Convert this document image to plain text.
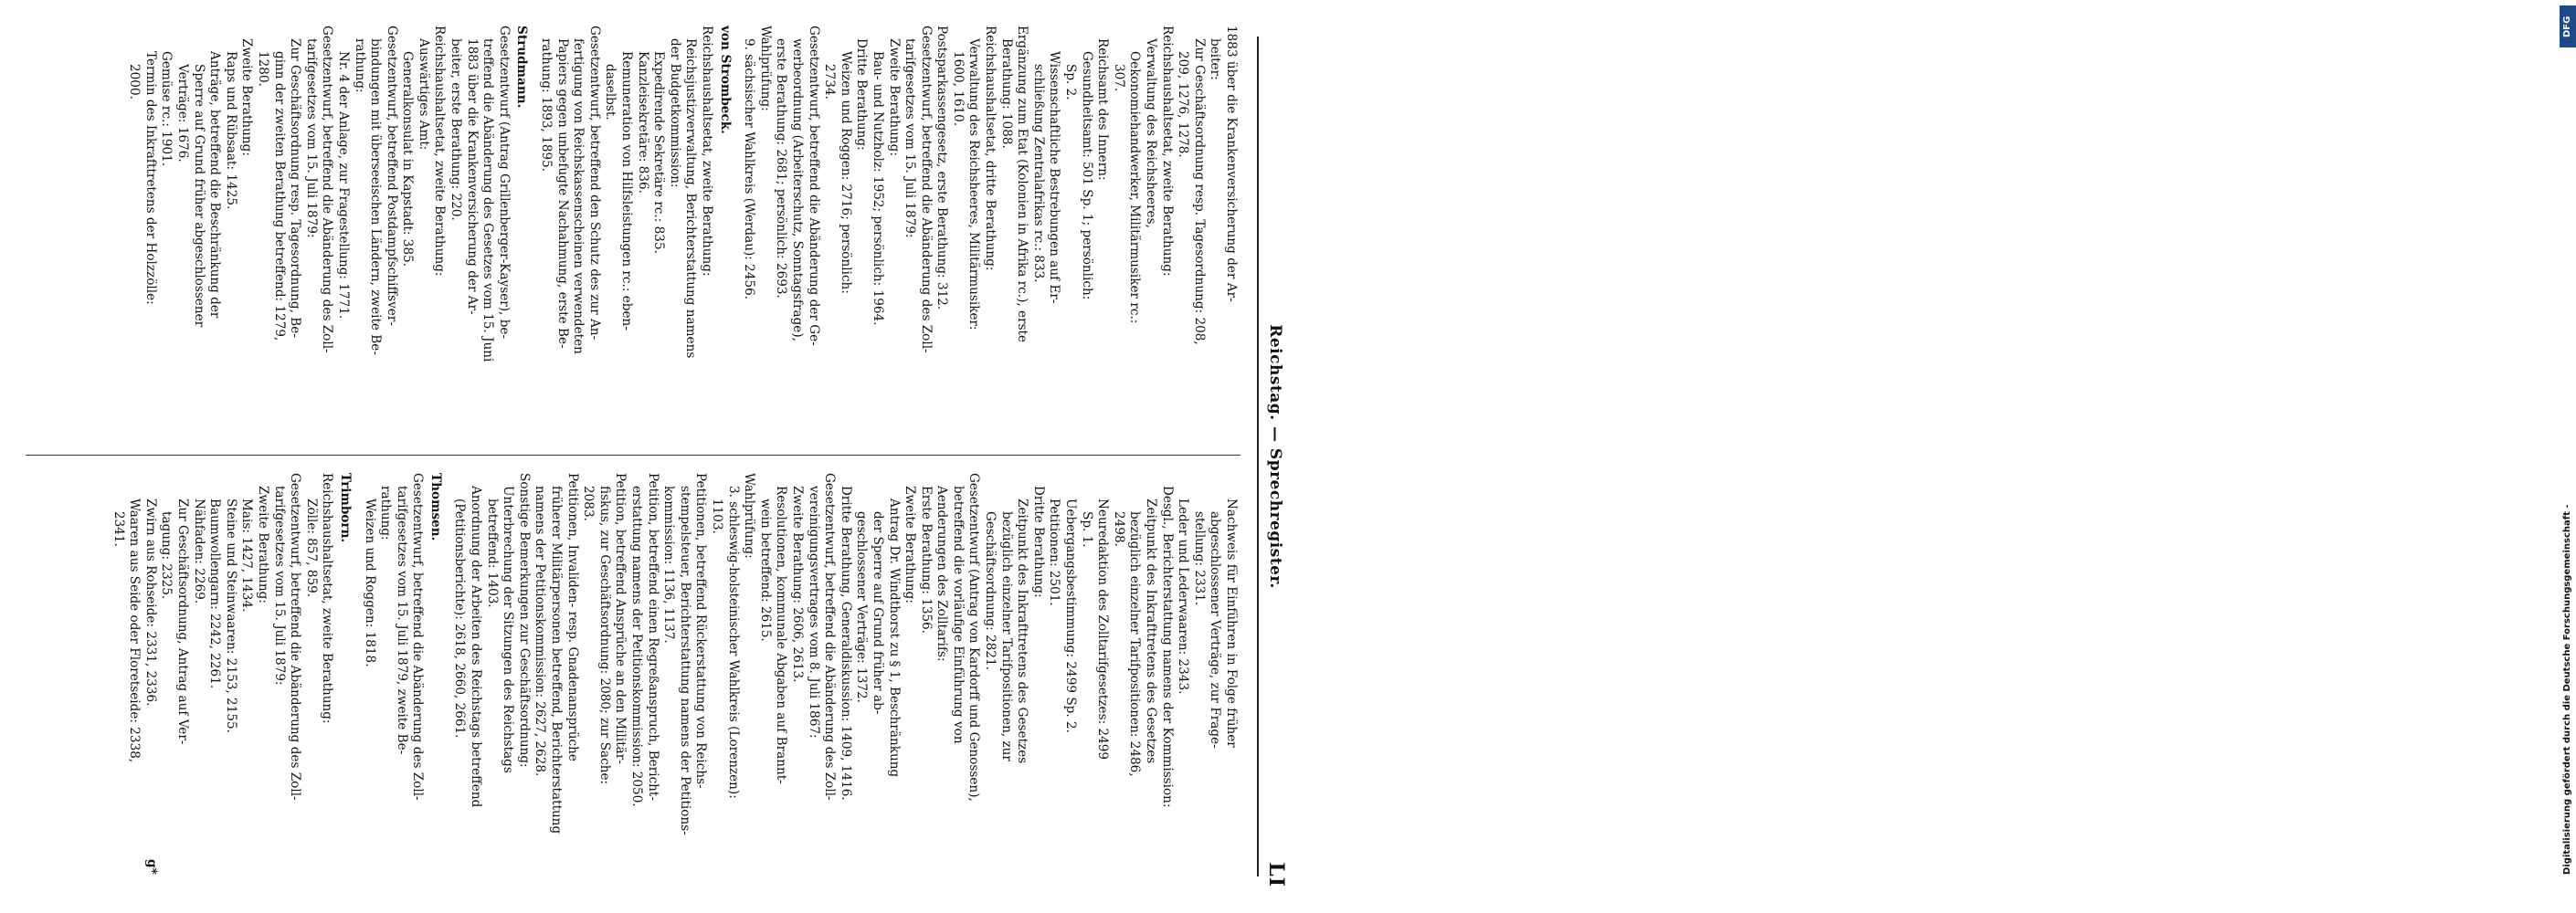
Reichstag. — Sprechregister.
LI
1883 über die Krankenversicherung der Ar-
beiter:
Zur Geschäftsordnung resp. Tagesordnung: 208,
209, 1276, 1278.
Reichshaushaltsetat, zweite Berathung:
Verwaltung des Reichsheeres,
Oekonomiehandwerker, Militärmusiker rc.:
307.
Reichsamt des Innern:
Gesundheitsamt: 501 Sp. 1; persönlich:
Sp. 2.
Wissenschaftliche Bestrebungen auf Er-
schließung Zentralafrikas rc.: 833.
Ergänzung zum Etat (Kolonien in Afrika rc.), erste
Berathung: 1088.
Reichshaushaltsetat, dritte Berathung:
Verwaltung des Reichsheeres, Militärmusiker:
1600, 1610.
Postsparkassengesetz, erste Berathung: 312.
Gesetzentwurf, betreffend die Abänderung des Zoll-
tarifgesetzes vom 15. Juli 1879:
Zweite Berathung:
Bau- und Nutzholz: 1952; persönlich: 1964.
Dritte Berathung:
Weizen und Roggen: 2716; persönlich:
2734.
Gesetzentwurf, betreffend die Abänderung der Ge-
werbeordnung (Arbeiterschutz, Sonntagsfrage),
erste Berathung: 2681; persönlich: 2693.
Wahlprüfung:
9. sächsischer Wahlkreis (Werdau): 2456.
von Strombeck.
Reichshaushaltsetat, zweite Berathung:
Reichsjustizverwaltung, Berichterstattung namens
der Budgetkommission:
Expedirende Sekretäre rc.: 835.
Kanzleisekretäre: 836.
Remuneration von Hilfsleistungen rc.: eben-
daselbst.
Gesetzentwurf, betreffend den Schutz des zur An-
fertigung von Reichskassenscheinen verwendeten
Papiers gegen unbefugte Nachahmung, erste Be-
rathung: 1893, 1895.
Strudmann.
Gesetzentwurf (Antrag Grillenberger-Kayser), be-
treffend die Abänderung des Gesetzes vom 15. Juni
1883 über die Krankenversicherung der Ar-
beiter, erste Berathung: 220.
Reichshaushaltsetat, zweite Berathung:
Auswärtiges Amt:
Generalkonsulat in Kapstadt: 385.
Gesetzentwurf, betreffend Postdampfschiffsver-
bindungen mit überseeischen Ländern, zweite Be-
rathung:
Nr. 4 der Anlage, zur Fragestellung: 1771.
Gesetzentwurf, betreffend die Abänderung des Zoll-
tarifgesetzes vom 15. Juli 1879:
Zur Geschäftsordnung resp. Tagesordnung, Be-
ginn der zweiten Berathung betreffend: 1279,
1280.
Zweite Berathung:
Raps und Rübsaat: 1425.
Anträge, betreffend die Beschränkung der
Sperre auf Grund früher abgeschlossener
Verträge: 1676.
Gemüse rc.: 1901.
Termin des Inkrafttretens der Holzzölle:
2000.
Nachweis für Einführen in Folge früher
abgeschlossener Verträge, zur Frage-
stellung: 2331.
Leder und Lederwaaren: 2343.
Desgl., Berichterstattung namens der Kommission:
Zeitpunkt des Inkrafttretens des Gesetzes
bezüglich einzelner Tarifpositionen: 2486,
2498.
Neuredaktion des Zolltarifgesetzes: 2499
Sp. 1.
Uebergangsbestimmung: 2499 Sp. 2.
Petitionen: 2501.
Dritte Berathung:
Zeitpunkt des Inkrafttretens des Gesetzes
bezüglich einzelner Tarifpositionen, zur
Geschäftsordnung: 2821.
Gesetzentwurf (Antrag von Kardorff und Genossen),
betreffend die vorläufige Einführung von
Aenderungen des Zolltarifs:
Erste Berathung: 1356.
Zweite Berathung:
Antrag Dr. Windthorst zu § 1, Beschränkung
der Sperre auf Grund früher ab-
geschlossener Verträge: 1372.
Dritte Berathung, Generaldiskussion: 1409, 1416.
Gesetzentwurf, betreffend die Abänderung des Zoll-
vereinigungsvertrages vom 8. Juli 1867:
Zweite Berathung: 2606, 2613.
Resolutionen, kommunale Abgaben auf Brannt-
wein betreffend: 2615.
Wahlprüfung:
3. schleswig-holsteinischer Wahlkreis (Lorenzen):
1103.
Petitionen, betreffend Rückerstattung von Reichs-
stempelsteuer, Berichterstattung namens der Petitions-
kommission: 1136, 1137.
Petition, betreffend einen Regreßanspruch, Bericht-
erstattung namens der Petitionskommission: 2050.
Petition, betreffend Ansprüche an den Militär-
fiskus, zur Geschäftsordnung: 2080; zur Sache:
2083.
Petitionen, Invaliden- resp. Gnadenansprüche
früherer Militärpersonen betreffend, Berichterstattung
namens der Petitionskommission: 2627, 2628.
Sonstige Bemerkungen zur Geschäftsordnung:
Unterbrechung der Sitzungen des Reichstags
betreffend: 1403.
Anordnung der Arbeiten des Reichstags betreffend
(Petitionsberichte): 2618, 2660, 2661.
Thomsen.
Gesetzentwurf, betreffend die Abänderung des Zoll-
tarifgesetzes vom 15. Juli 1879, zweite Be-
rathung:
Weizen und Roggen: 1818.
Trimborn.
Reichshaushaltsetat, zweite Berathung:
Zölle: 857, 859.
Gesetzentwurf, betreffend die Abänderung des Zoll-
tarifgesetzes vom 15. Juli 1879:
Zweite Berathung:
Mais: 1427, 1434.
Steine und Steinwaaren: 2153, 2155.
Baumwollengarn: 2242, 2261.
Nähfaden: 2269.
Zur Geschäftsordnung, Antrag auf Ver-
tagung: 2325.
Zwirn aus Rohseide: 2331, 2336.
Waaren aus Seide oder Floretseide: 2338,
2341.
g*
DFG
Digitalisierung gefördert durch die Deutsche Forschungsgemeinschaft -
